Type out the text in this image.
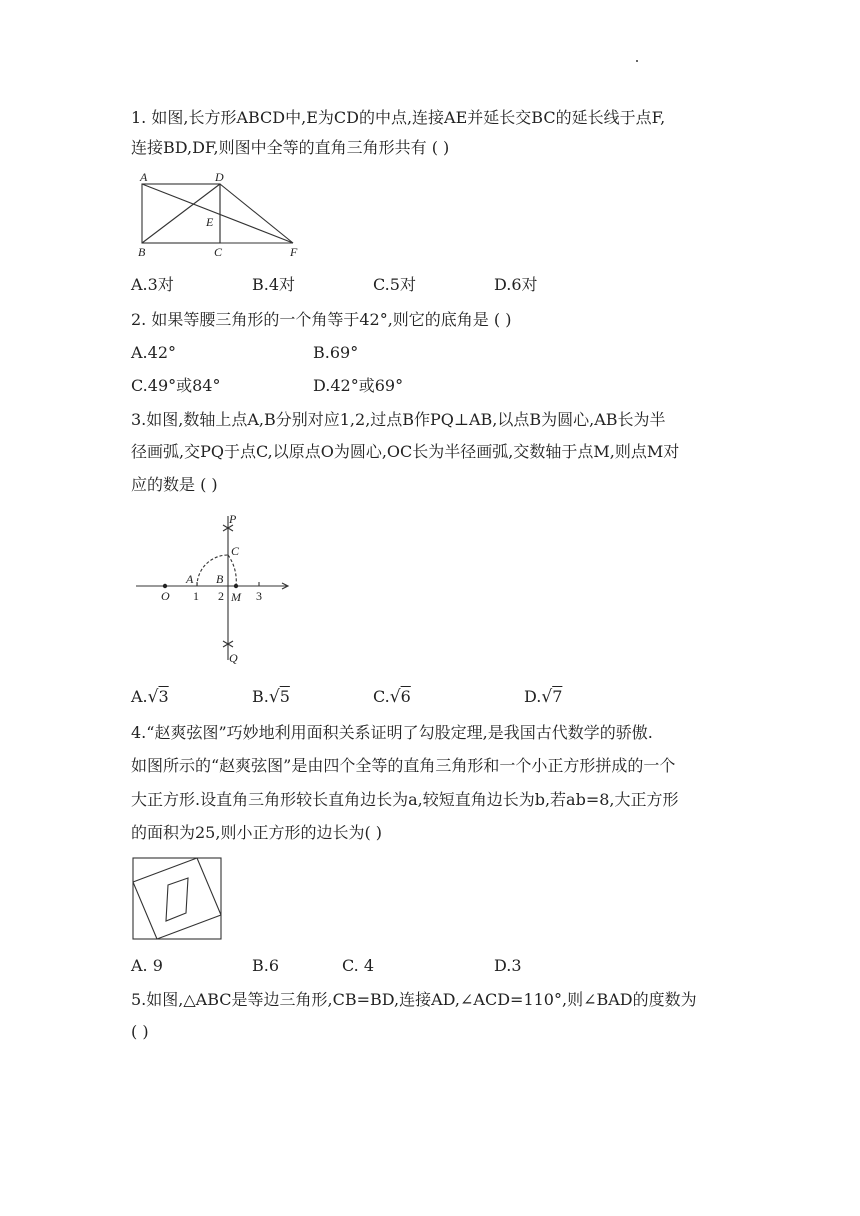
1. 如图,长方形ABCD中,E为CD的中点,连接AE并延长交BC的延长线于点F,
连接BD,DF,则图中全等的直角三角形共有 ( )
A	D
E
B	C	F
A.3对	B.4对	C.5对	D.6对
2. 如果等腰三角形的一个角等于42°,则它的底角是 ( )
A.42°	B.69°
C.49°或84°	D.42°或69°
3.如图,数轴上点A,B分别对应1,2,过点B作PQ⊥AB,以点B为圆心,AB长为半
径画弧,交PQ于点C,以原点O为圆心,OC长为半径画弧,交数轴于点M,则点M对
应的数是 ( )
P
C
A B
O 1 2 M 3
Q
A.√3	B.√5	C.√6	D.√7
4.“赵爽弦图”巧妙地利用面积关系证明了勾股定理,是我国古代数学的骄傲.
如图所示的“赵爽弦图”是由四个全等的直角三角形和一个小正方形拼成的一个
大正方形.设直角三角形较长直角边长为a,较短直角边长为b,若ab=8,大正方形
的面积为25,则小正方形的边长为( )
A. 9	B.6	C. 4	D.3
5.如图,△ABC是等边三角形,CB=BD,连接AD,∠ACD=110°,则∠BAD的度数为
( )
